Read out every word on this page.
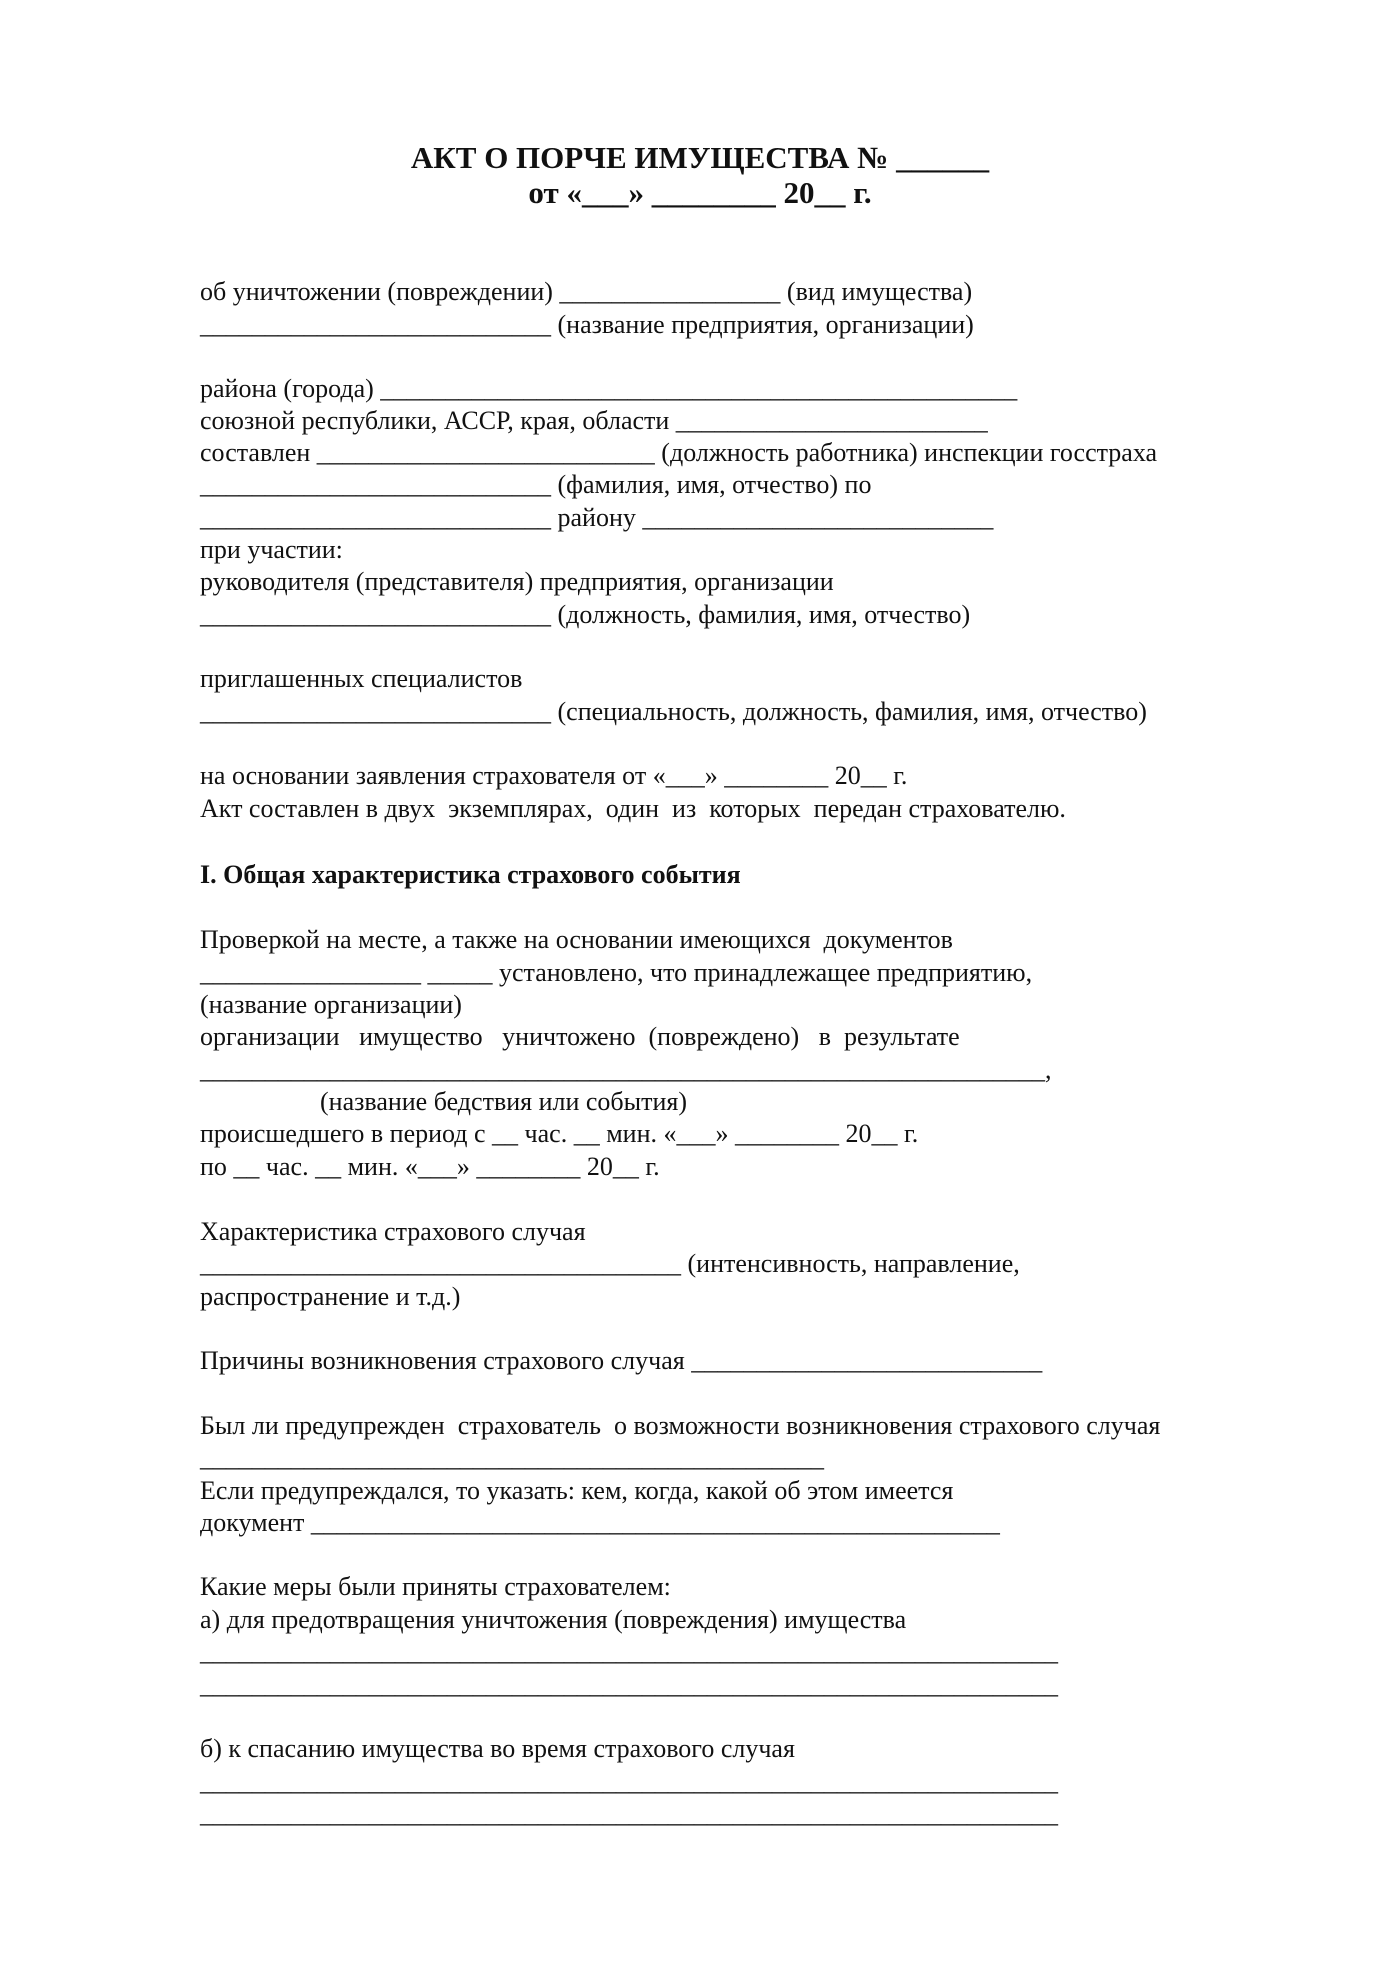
АКТ О ПОРЧЕ ИМУЩЕСТВА № ______
от «___» ________ 20__ г.
об уничтожении (повреждении) _________________ (вид имущества)
___________________________ (название предприятия, организации)
района (города) _________________________________________________
союзной республики, АССР, края, области ________________________
составлен __________________________ (должность работника) инспекции госстраха
___________________________ (фамилия, имя, отчество) по
___________________________ району ___________________________
при участии:
руководителя (представителя) предприятия, организации
___________________________ (должность, фамилия, имя, отчество)
приглашенных специалистов
___________________________ (специальность, должность, фамилия, имя, отчество)
на основании заявления страхователя от «___» ________ 20__ г.
Акт составлен в двух  экземплярах,  один  из  которых  передан страхователю.
I. Общая характеристика страхового события
Проверкой на месте, а также на основании имеющихся  документов
_________________ _____ установлено, что принадлежащее предприятию,
(название организации)
организации   имущество   уничтожено  (повреждено)   в  результате
_________________________________________________________________,
(название бедствия или события)
происшедшего в период с __ час. __ мин. «___» ________ 20__ г.
по __ час. __ мин. «___» ________ 20__ г.
Характеристика страхового случая
_____________________________________ (интенсивность, направление,
распространение и т.д.)
Причины возникновения страхового случая ___________________________
Был ли предупрежден  страхователь  о возможности возникновения страхового случая
________________________________________________
Если предупреждался, то указать: кем, когда, какой об этом имеется
документ _____________________________________________________
Какие меры были приняты страхователем:
а) для предотвращения уничтожения (повреждения) имущества
__________________________________________________________________
__________________________________________________________________
б) к спасанию имущества во время страхового случая
__________________________________________________________________
__________________________________________________________________
